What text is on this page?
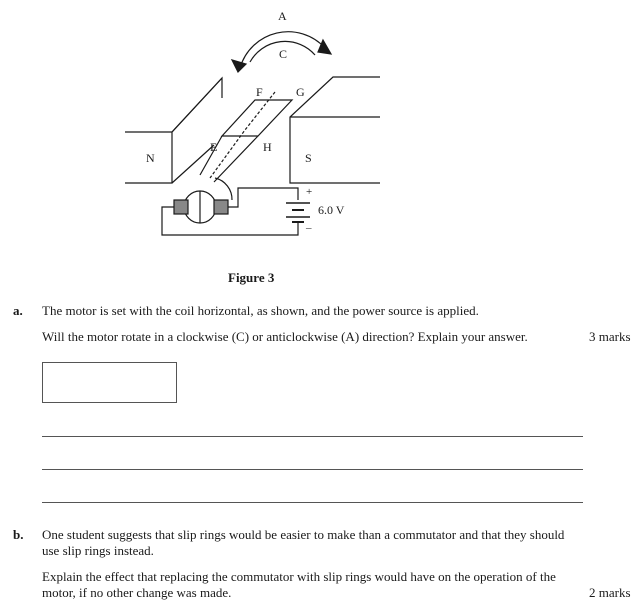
A
C
F	G
E	H
N	S
+
–
6.0 V
Figure 3
a. The motor is set with the coil horizontal, as shown, and the power source is applied.
Will the motor rotate in a clockwise (C) or anticlockwise (A) direction? Explain your answer.	3 marks
b. One student suggests that slip rings would be easier to make than a commutator and that they should
use slip rings instead.
Explain the effect that replacing the commutator with slip rings would have on the operation of the
motor, if no other change was made.	2 marks
